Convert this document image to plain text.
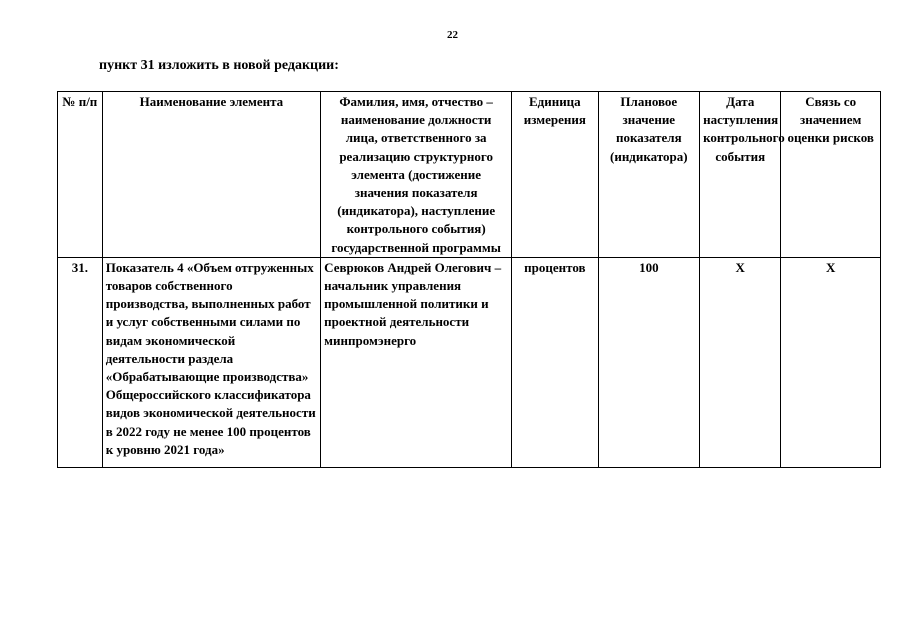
22
пункт 31 изложить в новой редакции:
№ п/п	Наименование элемента	Фамилия, имя, отчество – наименование должности лица, ответственного за реализацию структурного элемента (достижение значения показателя (индикатора), наступление контрольного события) государственной программы	Единица измерения	Плановое значение показателя (индикатора)	Дата наступления контрольного события	Связь со значением оценки рисков
31.	Показатель 4 «Объем отгруженных товаров собственного производства, выполненных работ и услуг собственными силами по видам экономической деятельности раздела «Обрабатывающие производства» Общероссийского классификатора видов экономической деятельности в 2022 году не менее 100 процентов к уровню 2021 года»	Севрюков Андрей Олегович – начальник управления промышленной политики и проектной деятельности минпромэнерго	процентов	100	Х	Х
